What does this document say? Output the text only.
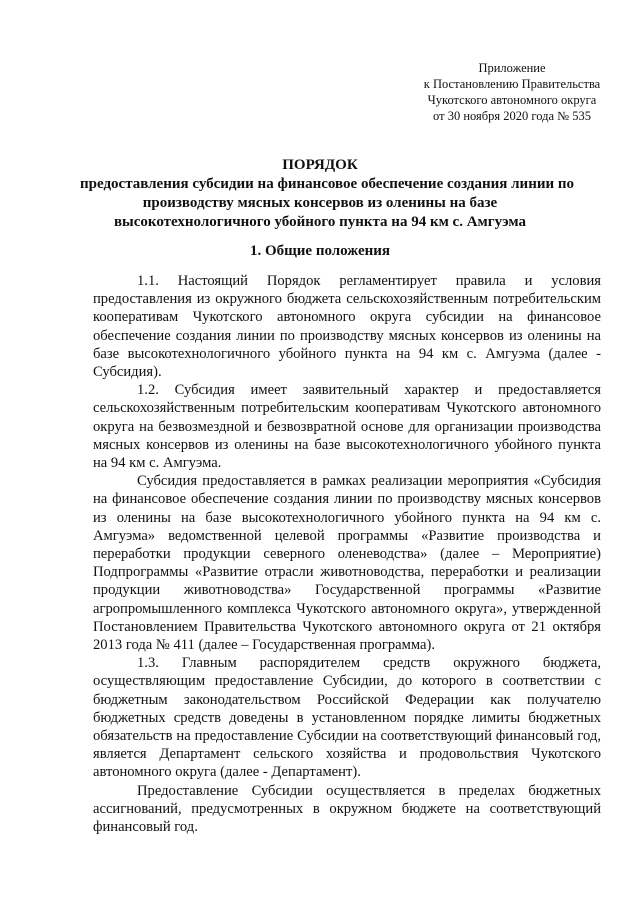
Приложение
к Постановлению Правительства
Чукотского автономного округа
от 30 ноября 2020 года № 535
ПОРЯДОК
предоставления субсидии на финансовое обеспечение создания линии по
производству мясных консервов из оленины на базе
высокотехнологичного убойного пункта на 94 км с. Амгуэма
1. Общие положения

1.1. Настоящий Порядок регламентирует правила и условия предоставления из окружного бюджета сельскохозяйственным потребительским кооперативам Чукотского автономного округа субсидии на финансовое обеспечение создания линии по производству мясных консервов из оленины на базе высокотехнологичного убойного пункта на 94 км с. Амгуэма (далее - Субсидия).

1.2. Субсидия имеет заявительный характер и предоставляется сельскохозяйственным потребительским кооперативам Чукотского автономного округа на безвозмездной и безвозвратной основе для организации производства мясных консервов из оленины на базе высокотехнологичного убойного пункта на 94 км с. Амгуэма.

Субсидия предоставляется в рамках реализации мероприятия «Субсидия на финансовое обеспечение создания линии по производству мясных консервов из оленины на базе высокотехнологичного убойного пункта на 94 км с. Амгуэма» ведомственной целевой программы «Развитие производства и переработки продукции северного оленеводства» (далее – Мероприятие) Подпрограммы «Развитие отрасли животноводства, переработки и реализации продукции животноводства» Государственной программы «Развитие агропромышленного комплекса Чукотского автономного округа», утвержденной Постановлением Правительства Чукотского автономного округа от 21 октября 2013 года № 411 (далее – Государственная программа).

1.3. Главным распорядителем средств окружного бюджета, осуществляющим предоставление Субсидии, до которого в соответствии с бюджетным законодательством Российской Федерации как получателю бюджетных средств доведены в установленном порядке лимиты бюджетных обязательств на предоставление Субсидии на соответствующий финансовый год, является Департамент сельского хозяйства и продовольствия Чукотского автономного округа (далее - Департамент).

Предоставление Субсидии осуществляется в пределах бюджетных ассигнований, предусмотренных в окружном бюджете на соответствующий финансовый год.
